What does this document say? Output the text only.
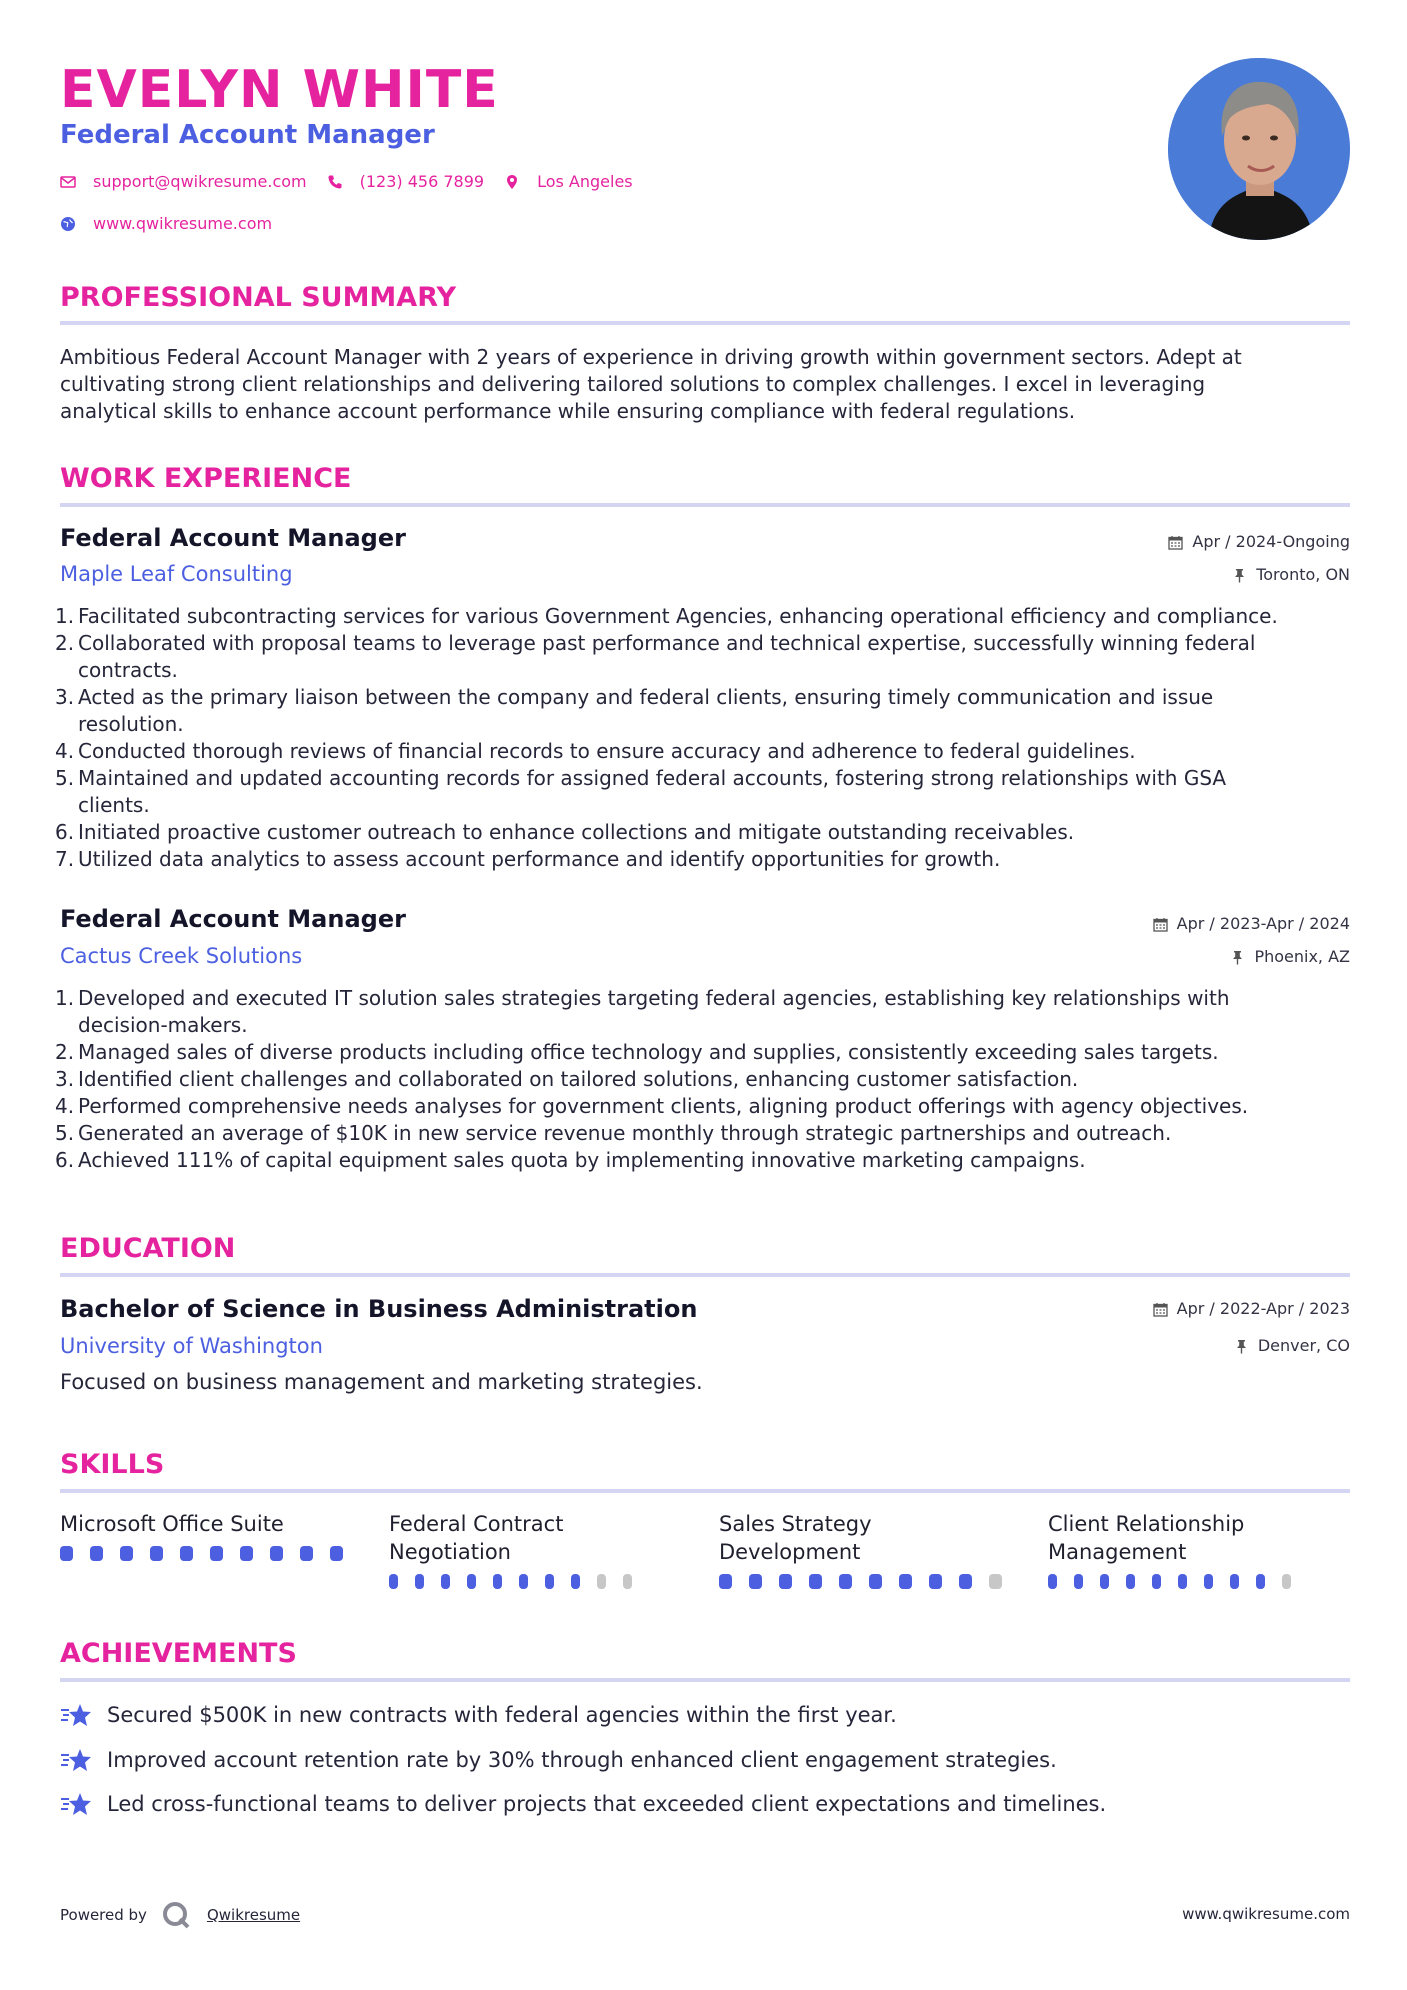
EVELYN WHITE
Federal Account Manager
support@qwikresume.com	(123) 456 7899	Los Angeles
www.qwikresume.com
PROFESSIONAL SUMMARY
Ambitious Federal Account Manager with 2 years of experience in driving growth within government sectors. Adept at
cultivating strong client relationships and delivering tailored solutions to complex challenges. I excel in leveraging
analytical skills to enhance account performance while ensuring compliance with federal regulations.
WORK EXPERIENCE
Federal Account Manager
Maple Leaf Consulting
Apr / 2024-Ongoing
Toronto, ON
1. Facilitated subcontracting services for various Government Agencies, enhancing operational efficiency and compliance.
2. Collaborated with proposal teams to leverage past performance and technical expertise, successfully winning federal
contracts.
3. Acted as the primary liaison between the company and federal clients, ensuring timely communication and issue
resolution.
4. Conducted thorough reviews of financial records to ensure accuracy and adherence to federal guidelines.
5. Maintained and updated accounting records for assigned federal accounts, fostering strong relationships with GSA
clients.
6. Initiated proactive customer outreach to enhance collections and mitigate outstanding receivables.
7. Utilized data analytics to assess account performance and identify opportunities for growth.
Federal Account Manager
Cactus Creek Solutions
Apr / 2023-Apr / 2024
Phoenix, AZ
1. Developed and executed IT solution sales strategies targeting federal agencies, establishing key relationships with
decision-makers.
2. Managed sales of diverse products including office technology and supplies, consistently exceeding sales targets.
3. Identified client challenges and collaborated on tailored solutions, enhancing customer satisfaction.
4. Performed comprehensive needs analyses for government clients, aligning product offerings with agency objectives.
5. Generated an average of $10K in new service revenue monthly through strategic partnerships and outreach.
6. Achieved 111% of capital equipment sales quota by implementing innovative marketing campaigns.
EDUCATION
Bachelor of Science in Business Administration
University of Washington
Apr / 2022-Apr / 2023
Denver, CO
Focused on business management and marketing strategies.
SKILLS
Microsoft Office Suite	Federal Contract Negotiation
Sales Strategy Development
Client Relationship Management
ACHIEVEMENTS
Secured $500K in new contracts with federal agencies within the first year.
Improved account retention rate by 30% through enhanced client engagement strategies.
Led cross-functional teams to deliver projects that exceeded client expectations and timelines.
Powered by	Qwikresume	www.qwikresume.com
